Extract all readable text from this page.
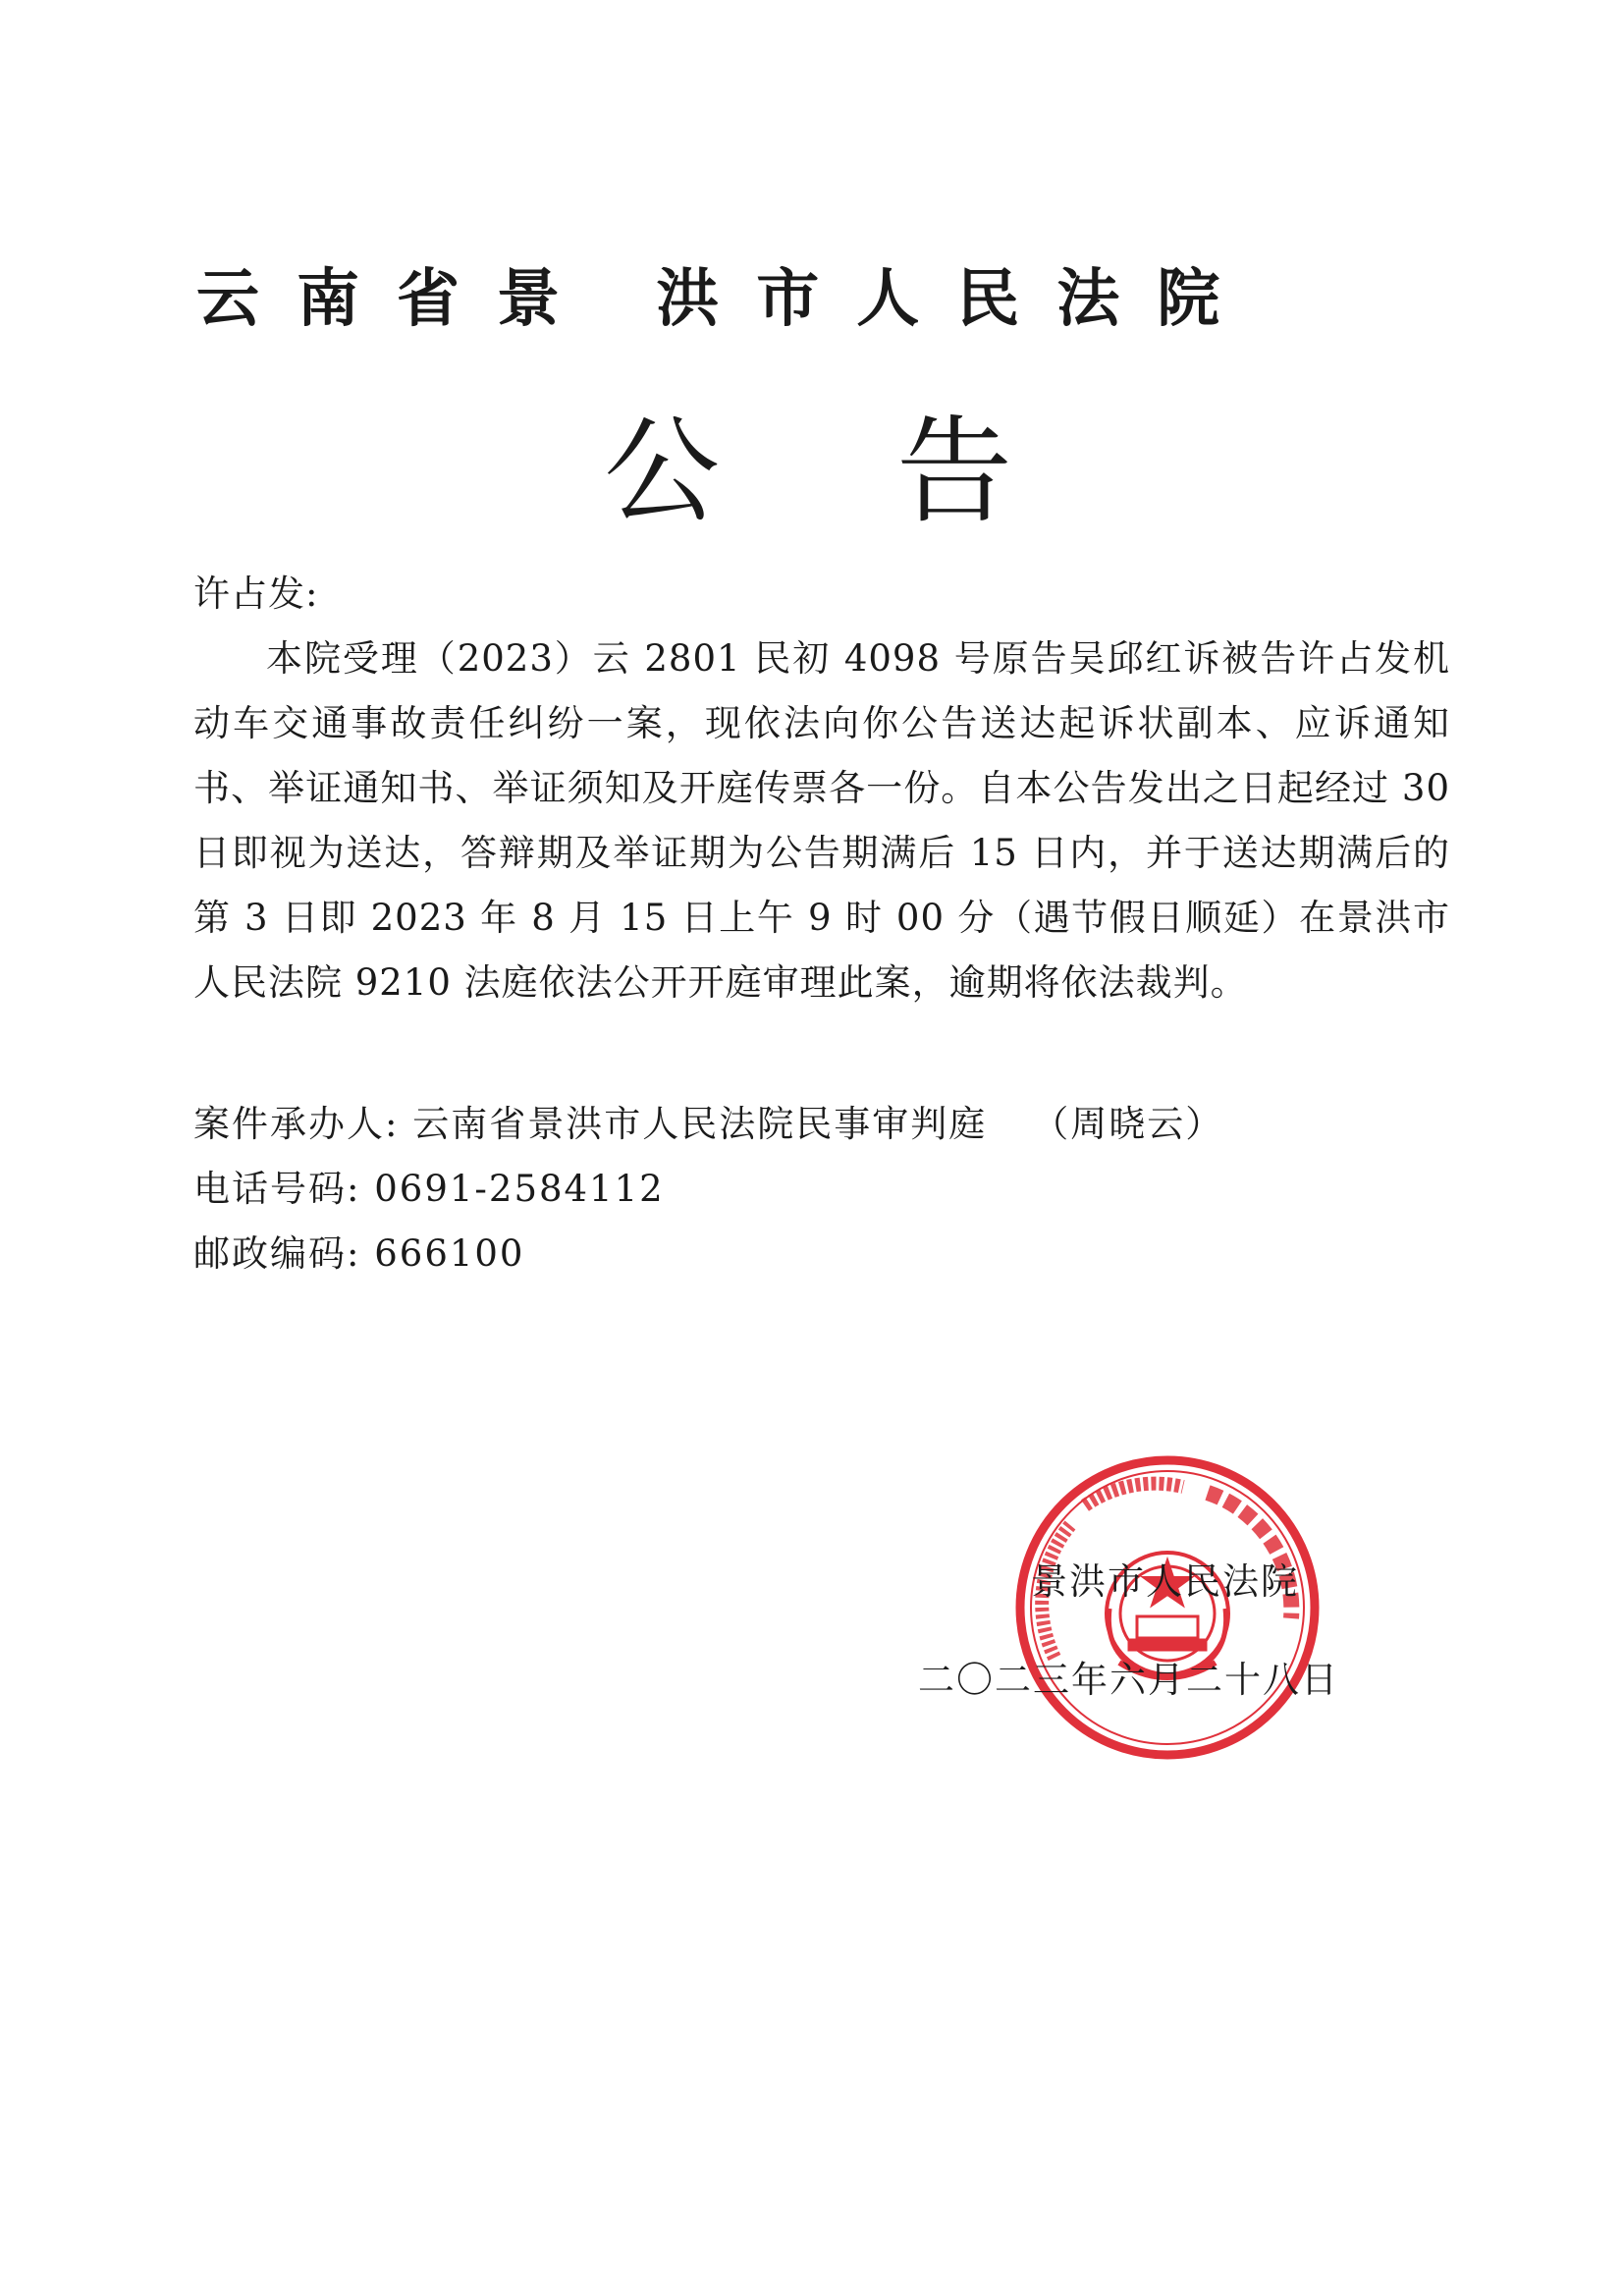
云南省景 洪市人民法院
公告

许占发:

本院受理（2023）云 2801 民初 4098 号原告吴邱红诉被告许占发机动车交通事故责任纠纷一案，现依法向你公告送达起诉状副本、应诉通知书、举证通知书、举证须知及开庭传票各一份。自本公告发出之日起经过 30 日即视为送达，答辩期及举证期为公告期满后 15 日内，并于送达期满后的第 3 日即 2023 年 8 月 15 日上午 9 时 00 分（遇节假日顺延）在景洪市人民法院 9210 法庭依法公开开庭审理此案，逾期将依法裁判。

案件承办人: 云南省景洪市人民法院民事审判庭 （周晓云）
电话号码: 0691-2584112
邮政编码: 666100
景洪市人民法院
二〇二三年六月二十八日
